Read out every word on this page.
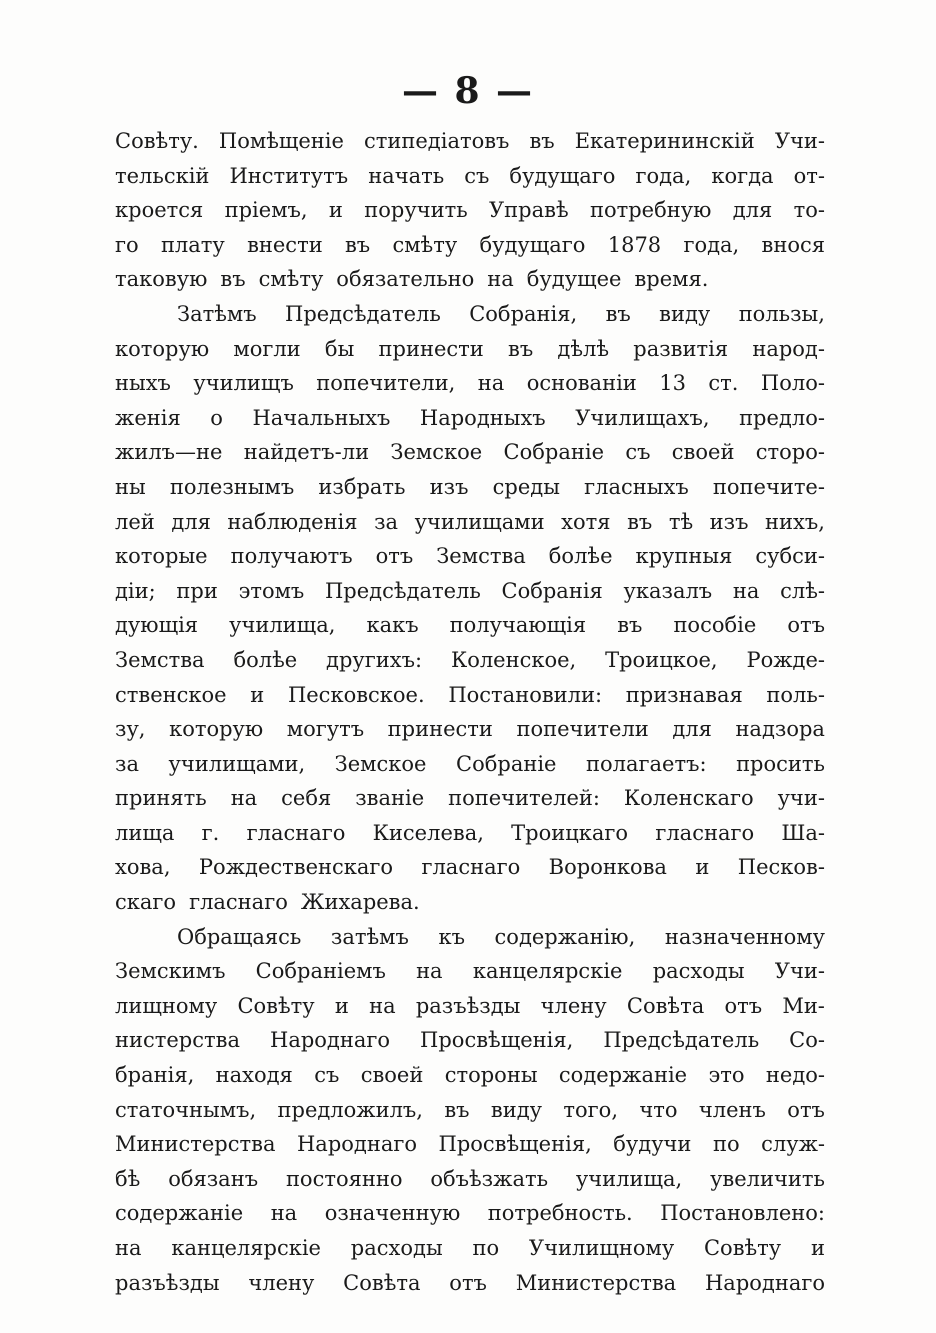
— 8 —
Совѣту. Помѣщеніе стипедіатовъ въ Екатерининскій Учи-
тельскій Институтъ начать съ будущаго года, когда от-
кроется пріемъ, и поручить Управѣ потребную для то-
го плату внести въ смѣту будущаго 1878 года, внося
таковую въ смѣту обязательно на будущее время.
Затѣмъ Предсѣдатель Собранія, въ виду пользы,
которую могли бы принести въ дѣлѣ развитія народ-
ныхъ училищъ попечители, на основаніи 13 ст. Поло-
женія о Начальныхъ Народныхъ Училищахъ, предло-
жилъ—не найдетъ-ли Земское Собраніе съ своей сторо-
ны полезнымъ избрать изъ среды гласныхъ попечите-
лей для наблюденія за училищами хотя въ тѣ изъ нихъ,
которые получаютъ отъ Земства болѣе крупныя субси-
діи; при этомъ Предсѣдатель Собранія указалъ на слѣ-
дующія училища, какъ получающія въ пособіе отъ
Земства болѣе другихъ: Коленское, Троицкое, Рожде-
ственское и Песковское. Постановили: признавая поль-
зу, которую могутъ принести попечители для надзора
за училищами, Земское Собраніе полагаетъ: просить
принять на себя званіе попечителей: Коленскаго учи-
лища г. гласнаго Киселева, Троицкаго гласнаго Ша-
хова, Рождественскаго гласнаго Воронкова и Песков-
скаго гласнаго Жихарева.
Обращаясь затѣмъ къ содержанію, назначенному
Земскимъ Собраніемъ на канцелярскіе расходы Учи-
лищному Совѣту и на разъѣзды члену Совѣта отъ Ми-
нистерства Народнаго Просвѣщенія, Предсѣдатель Со-
бранія, находя съ своей стороны содержаніе это недо-
статочнымъ, предложилъ, въ виду того, что членъ отъ
Министерства Народнаго Просвѣщенія, будучи по служ-
бѣ обязанъ постоянно объѣзжать училища, увеличить
содержаніе на означенную потребность. Постановлено:
на канцелярскіе расходы по Училищному Совѣту и
разъѣзды члену Совѣта отъ Министерства Народнаго
